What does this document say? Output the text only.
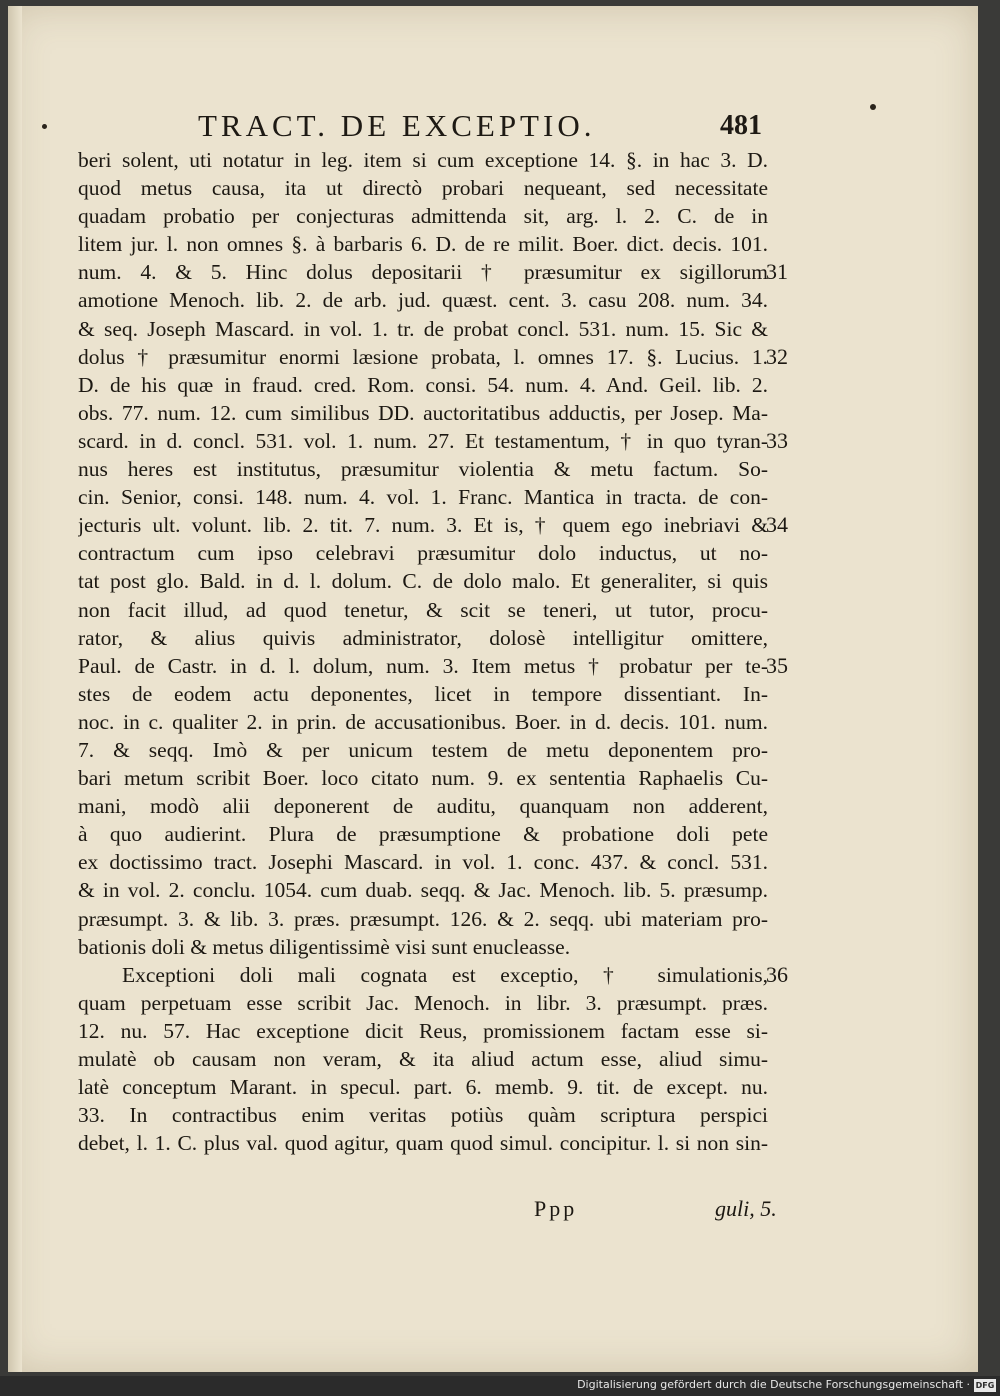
TRACT. DE EXCEPTIO.	481
beri solent, uti notatur in leg. item si cum exceptione 14. §. in hac 3. D.
quod metus causa, ita ut directò probari nequeant, sed necessitate
quadam probatio per conjecturas admittenda sit, arg. l. 2. C. de in
litem jur. l. non omnes §. à barbaris 6. D. de re milit. Boer. dict. decis. 101.
num. 4. & 5. Hinc dolus depositarii † præsumitur ex sigillorum
amotione Menoch. lib. 2. de arb. jud. quæst. cent. 3. casu 208. num. 34.
& seq. Joseph Mascard. in vol. 1. tr. de probat concl. 531. num. 15. Sic &
dolus † præsumitur enormi læsione probata, l. omnes 17. §. Lucius. 1.
D. de his quæ in fraud. cred. Rom. consi. 54. num. 4. And. Geil. lib. 2.
obs. 77. num. 12. cum similibus DD. auctoritatibus adductis, per Josep. Ma-
scard. in d. concl. 531. vol. 1. num. 27. Et testamentum, † in quo tyran-
nus heres est institutus, præsumitur violentia & metu factum. So-
cin. Senior, consi. 148. num. 4. vol. 1. Franc. Mantica in tracta. de con-
jecturis ult. volunt. lib. 2. tit. 7. num. 3. Et is, † quem ego inebriavi &
contractum cum ipso celebravi præsumitur dolo inductus, ut no-
tat post glo. Bald. in d. l. dolum. C. de dolo malo. Et generaliter, si quis
non facit illud, ad quod tenetur, & scit se teneri, ut tutor, procu-
rator, & alius quivis administrator, dolosè intelligitur omittere,
Paul. de Castr. in d. l. dolum, num. 3. Item metus † probatur per te-
stes de eodem actu deponentes, licet in tempore dissentiant. In-
noc. in c. qualiter 2. in prin. de accusationibus. Boer. in d. decis. 101. num.
7. & seqq. Imò & per unicum testem de metu deponentem pro-
bari metum scribit Boer. loco citato num. 9. ex sententia Raphaelis Cu-
mani, modò alii deponerent de auditu, quanquam non adderent,
à quo audierint. Plura de præsumptione & probatione doli pete
ex doctissimo tract. Josephi Mascard. in vol. 1. conc. 437. & concl. 531.
& in vol. 2. conclu. 1054. cum duab. seqq. & Jac. Menoch. lib. 5. præsump.
præsumpt. 3. & lib. 3. præs. præsumpt. 126. & 2. seqq. ubi materiam pro-
bationis doli & metus diligentissimè visi sunt enucleasse.
Exceptioni doli mali cognata est exceptio, † simulationis,
quam perpetuam esse scribit Jac. Menoch. in libr. 3. præsumpt. præs.
12. nu. 57. Hac exceptione dicit Reus, promissionem factam esse si-
mulatè ob causam non veram, & ita aliud actum esse, aliud simu-
latè conceptum Marant. in specul. part. 6. memb. 9. tit. de except. nu.
33. In contractibus enim veritas potiùs quàm scriptura perspici
debet, l. 1. C. plus val. quod agitur, quam quod simul. concipitur. l. si non sin-
31
32
33
34
35
36
Ppp	guli, 5.
Digitalisierung gefördert durch die Deutsche Forschungsgemeinschaft · DFG
